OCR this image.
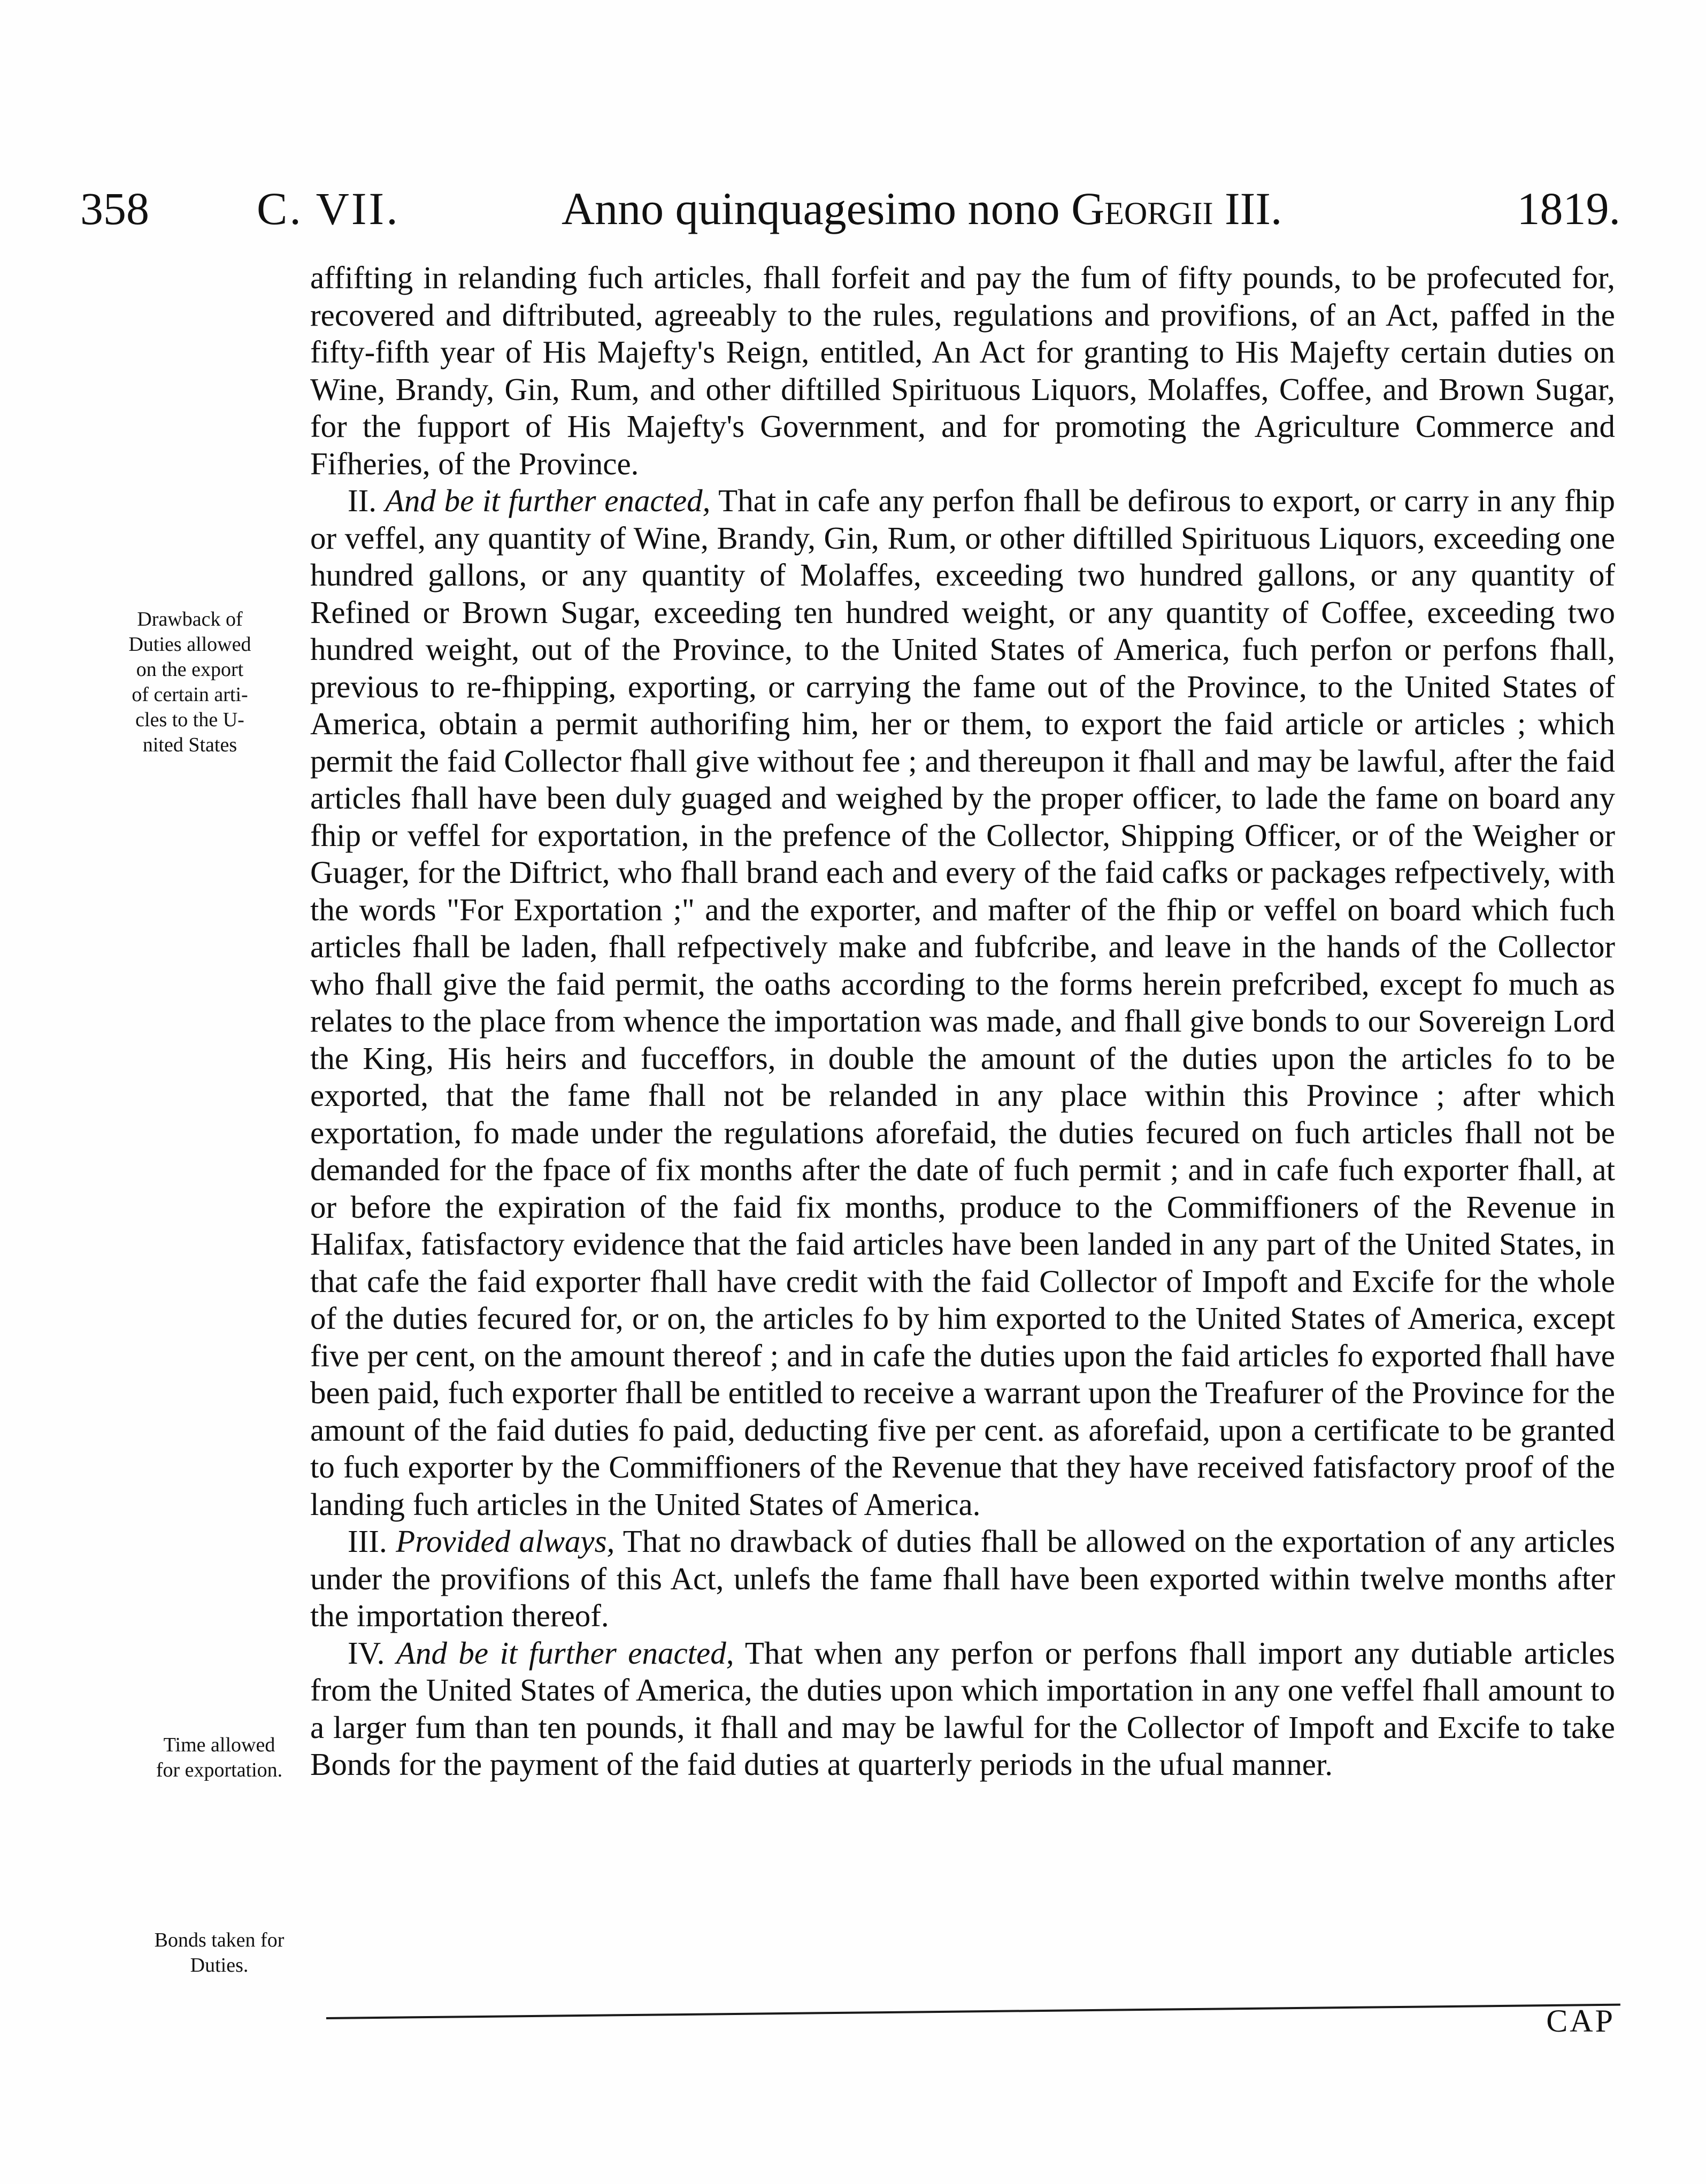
358 C. VII.	Anno quinquagesimo nono Georgii III.	1819.

affifting in relanding fuch articles, fhall forfeit and pay the fum of fifty pounds, to be profecuted for, recovered and diftributed, agreeably to the rules, regulations and provifions, of an Act, paffed in the fifty-fifth year of His Majefty's Reign, entitled, An Act for granting to His Majefty certain duties on Wine, Brandy, Gin, Rum, and other diftilled Spirituous Liquors, Molaffes, Coffee, and Brown Sugar, for the fupport of His Majefty's Government, and for promoting the Agriculture Commerce and Fifheries, of the Province.

II. And be it further enacted, That in cafe any perfon fhall be defirous to export, or carry in any fhip or veffel, any quantity of Wine, Brandy, Gin, Rum, or other diftilled Spirituous Liquors, exceeding one hundred gallons, or any quantity of Molaffes, exceeding two hundred gallons, or any quantity of Refined or Brown Sugar, exceeding ten hundred weight, or any quantity of Coffee, exceeding two hundred weight, out of the Province, to the United States of America, fuch perfon or perfons fhall, previous to re-fhipping, exporting, or carrying the fame out of the Province, to the United States of America, obtain a permit authorifing him, her or them, to export the faid article or articles ; which permit the faid Collector fhall give without fee ; and thereupon it fhall and may be lawful, after the faid articles fhall have been duly guaged and weighed by the proper officer, to lade the fame on board any fhip or veffel for exportation, in the prefence of the Collector, Shipping Officer, or of the Weigher or Guager, for the Diftrict, who fhall brand each and every of the faid cafks or packages refpectively, with the words "For Exportation ;" and the exporter, and mafter of the fhip or veffel on board which fuch articles fhall be laden, fhall refpectively make and fubfcribe, and leave in the hands of the Collector who fhall give the faid permit, the oaths according to the forms herein prefcribed, except fo much as relates to the place from whence the importation was made, and fhall give bonds to our Sovereign Lord the King, His heirs and fucceffors, in double the amount of the duties upon the articles fo to be exported, that the fame fhall not be relanded in any place within this Province ; after which exportation, fo made under the regulations aforefaid, the duties fecured on fuch articles fhall not be demanded for the fpace of fix months after the date of fuch permit ; and in cafe fuch exporter fhall, at or before the expiration of the faid fix months, produce to the Commiffioners of the Revenue in Halifax, fatisfactory evidence that the faid articles have been landed in any part of the United States, in that cafe the faid exporter fhall have credit with the faid Collector of Impoft and Excife for the whole of the duties fecured for, or on, the articles fo by him exported to the United States of America, except five per cent, on the amount thereof ; and in cafe the duties upon the faid articles fo exported fhall have been paid, fuch exporter fhall be entitled to receive a warrant upon the Treafurer of the Province for the amount of the faid duties fo paid, deducting five per cent. as aforefaid, upon a certificate to be granted to fuch exporter by the Commiffioners of the Revenue that they have received fatisfactory proof of the landing fuch articles in the United States of America.

III. Provided always, That no drawback of duties fhall be allowed on the exportation of any articles under the provifions of this Act, unlefs the fame fhall have been exported within twelve months after the importation thereof.

IV. And be it further enacted, That when any perfon or perfons fhall import any dutiable articles from the United States of America, the duties upon which importation in any one veffel fhall amount to a larger fum than ten pounds, it fhall and may be lawful for the Collector of Impoft and Excife to take Bonds for the payment of the faid duties at quarterly periods in the ufual manner.

Drawback of
Duties allowed
on the export
of certain arti-
cles to the U-
nited States
Time allowed
for exportation.
Bonds taken for
Duties.
CAP
